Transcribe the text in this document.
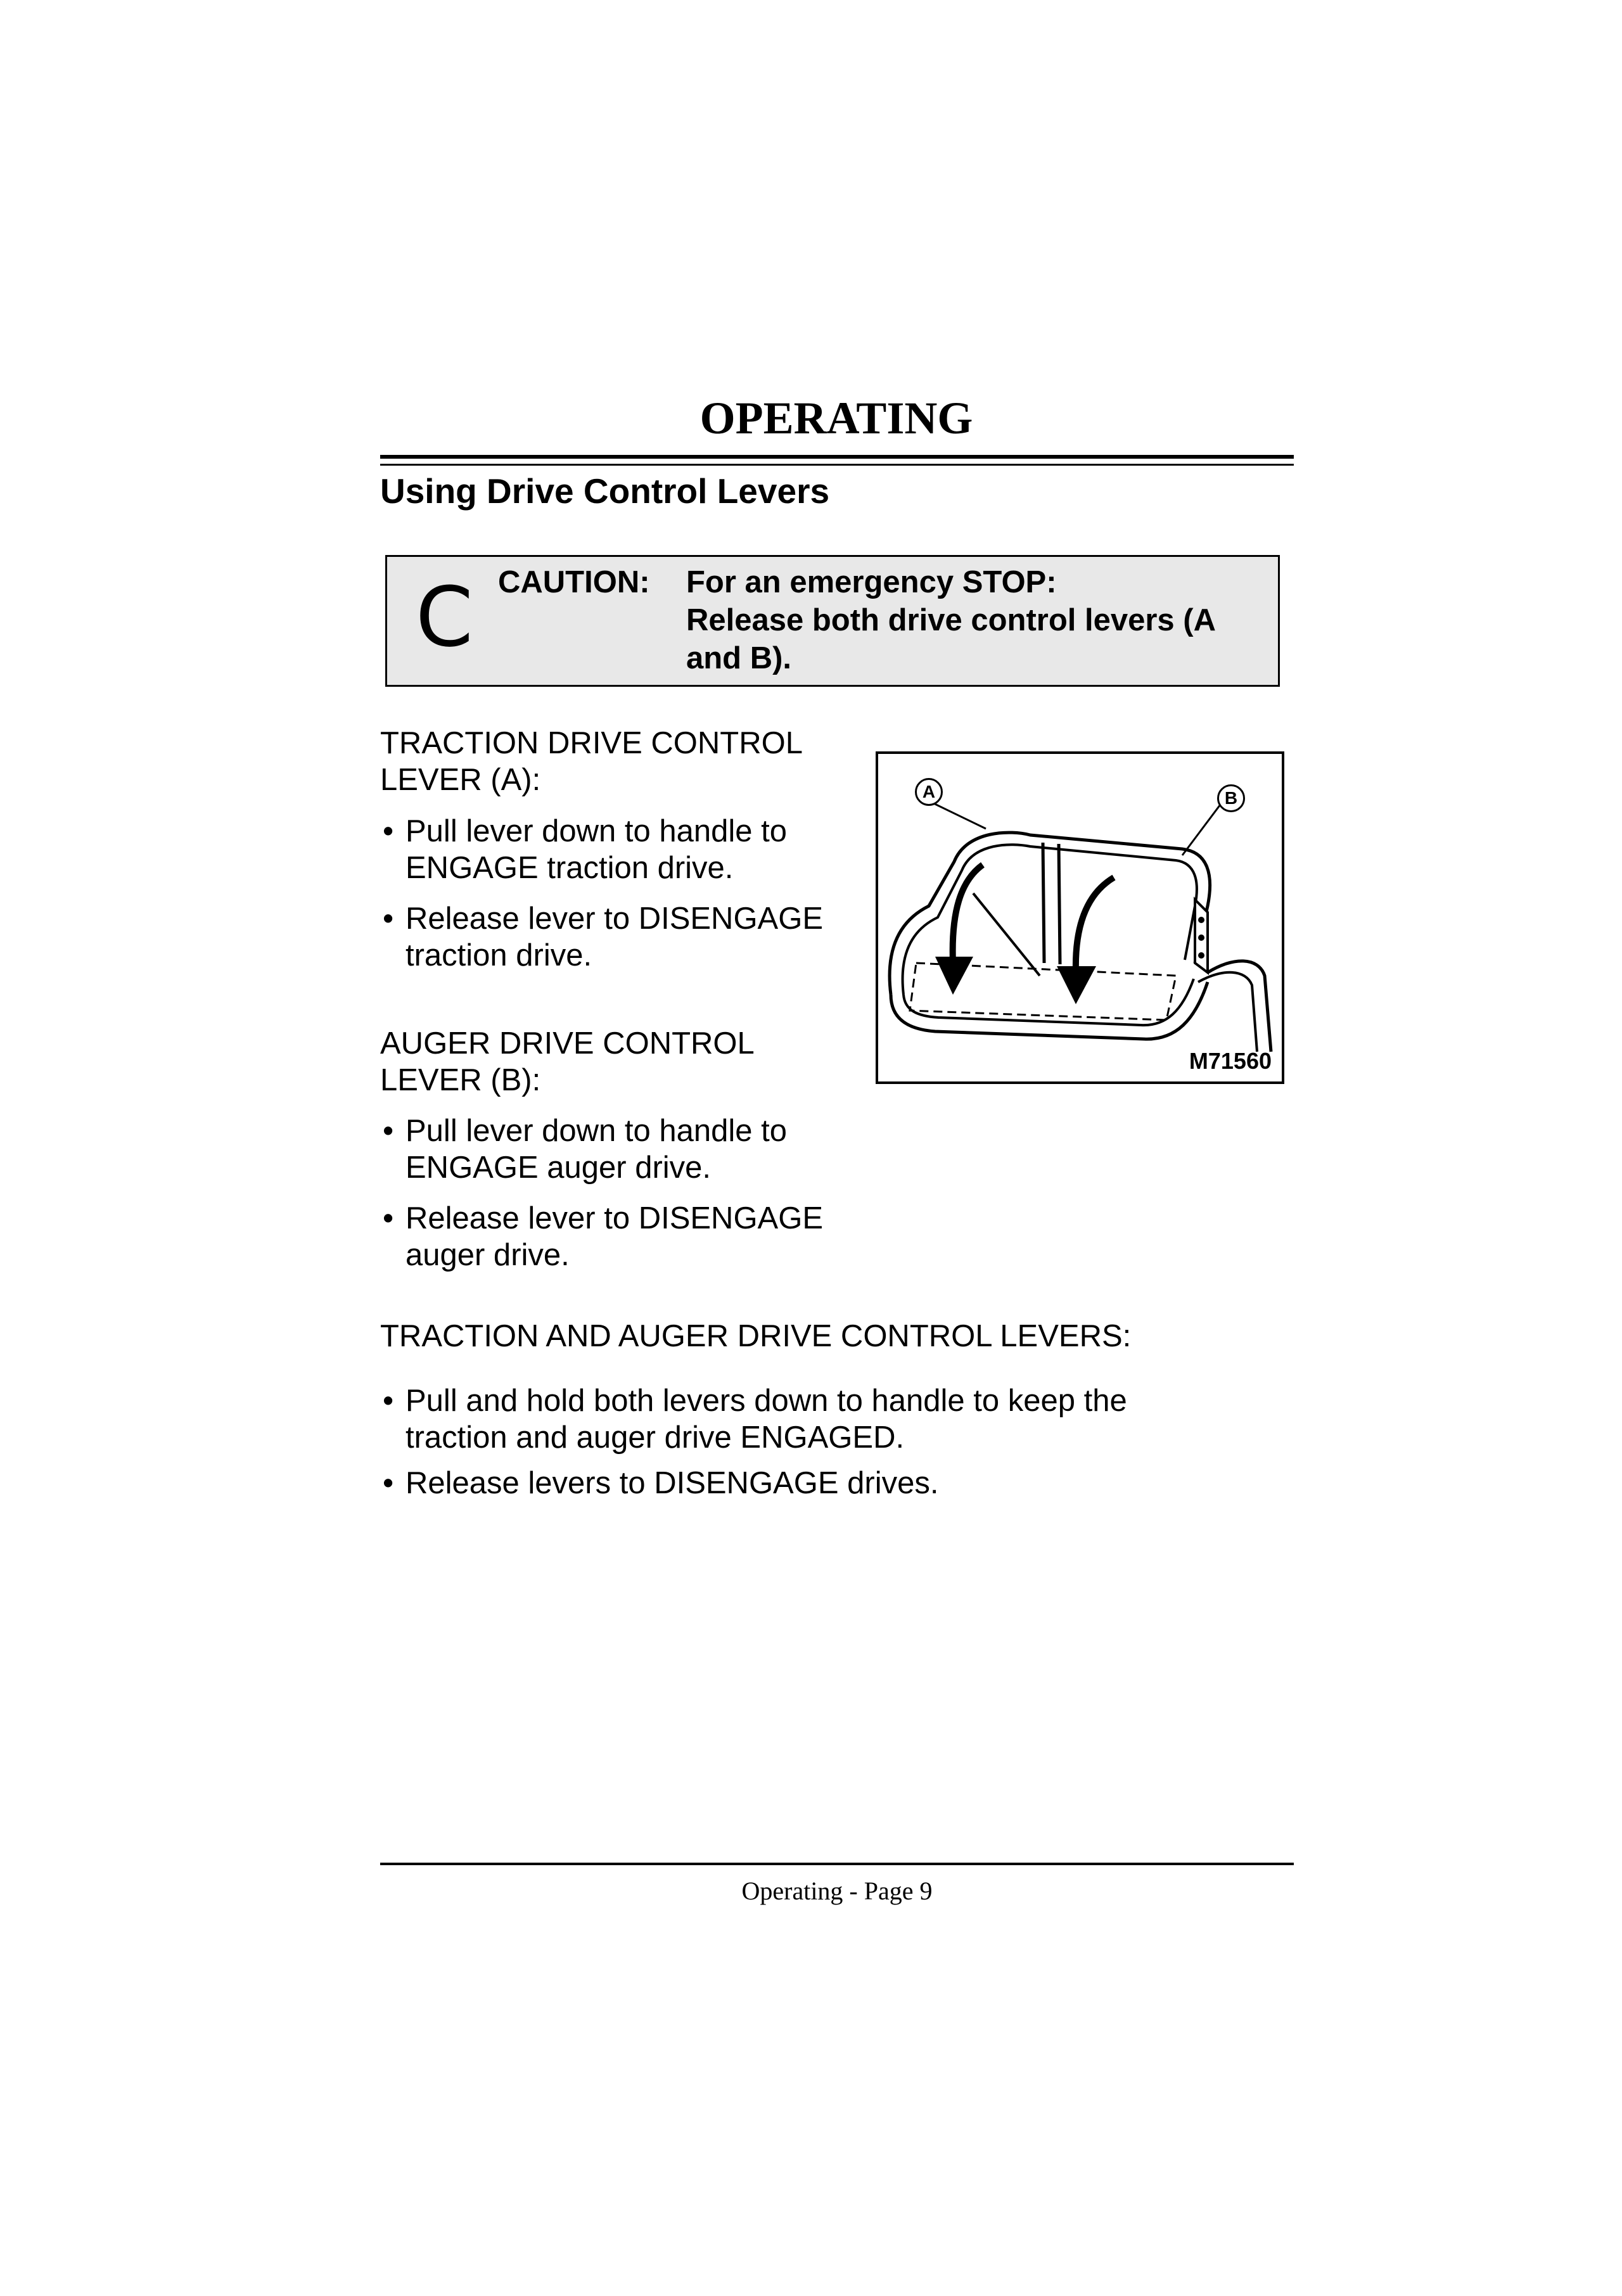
OPERATING
Using Drive Control Levers
C CAUTION: For an emergency STOP:
Release both drive control levers (A
and B).
TRACTION DRIVE CONTROL
LEVER (A):
• Pull lever down to handle to
ENGAGE traction drive.
• Release lever to DISENGAGE
traction drive.
AUGER DRIVE CONTROL
LEVER (B):
• Pull lever down to handle to
ENGAGE auger drive.
• Release lever to DISENGAGE
auger drive.
A	B
M71560
TRACTION AND AUGER DRIVE CONTROL LEVERS:
• Pull and hold both levers down to handle to keep the
traction and auger drive ENGAGED.
• Release levers to DISENGAGE drives.
Operating - Page 9
